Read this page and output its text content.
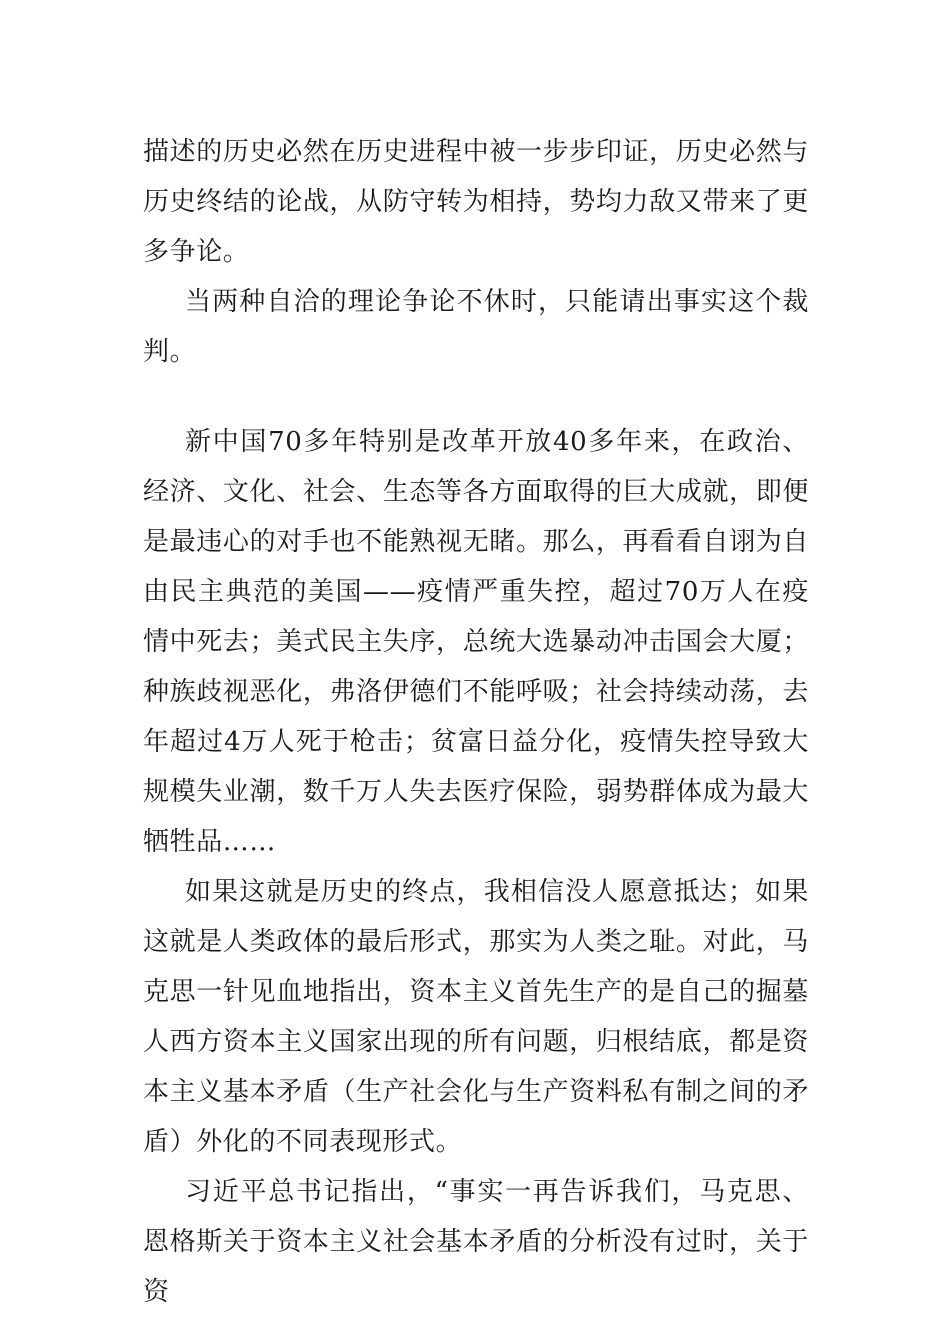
描述的历史必然在历史进程中被一步步印证，历史必然与历史终结的论战，从防守转为相持，势均力敌又带来了更多争论。

当两种自洽的理论争论不休时，只能请出事实这个裁判。

新中国70多年特别是改革开放40多年来，在政治、经济、文化、社会、生态等各方面取得的巨大成就，即便是最违心的对手也不能熟视无睹。那么，再看看自诩为自由民主典范的美国——疫情严重失控，超过70万人在疫情中死去；美式民主失序，总统大选暴动冲击国会大厦；种族歧视恶化，弗洛伊德们不能呼吸；社会持续动荡，去年超过4万人死于枪击；贫富日益分化，疫情失控导致大规模失业潮，数千万人失去医疗保险，弱势群体成为最大牺牲品……

如果这就是历史的终点，我相信没人愿意抵达；如果这就是人类政体的最后形式，那实为人类之耻。对此，马克思一针见血地指出，资本主义首先生产的是自己的掘墓人西方资本主义国家出现的所有问题，归根结底，都是资本主义基本矛盾（生产社会化与生产资料私有制之间的矛盾）外化的不同表现形式。

习近平总书记指出，“事实一再告诉我们，马克思、恩格斯关于资本主义社会基本矛盾的分析没有过时，关于资
